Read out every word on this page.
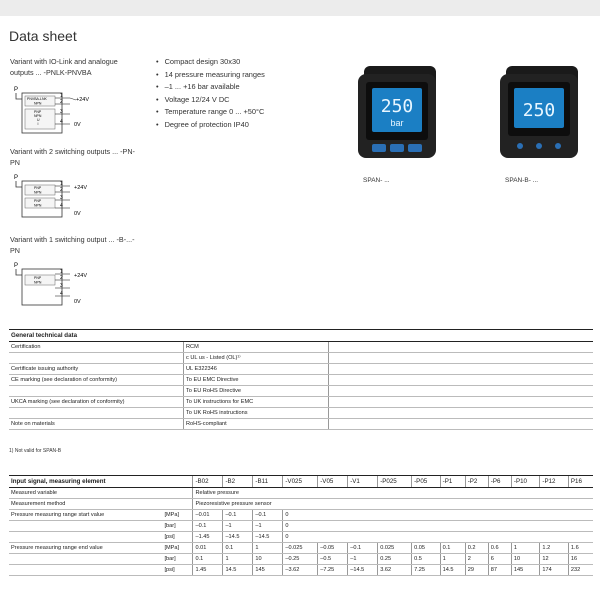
Data sheet
Variant with IO-Link and analogue outputs ... -PNLK-PNVBA
Variant with 2 switching outputs ... -PN-PN
Variant with 1 switching output ... -B-...-PN
P
PNVBA-LNK
NPN
PNP
NPN
U
I
1
2
3
4
+24V
0V
P
PNP
NPN
PNP
NPN
1
2
3
4
+24V
0V
P
PNP
NPN
1
2
3
4
+24V
0V
• Compact design 30x30
• 14 pressure measuring ranges
• –1 ... +16 bar available
• Voltage 12/24 V DC
• Temperature range 0 ... +50°C
• Degree of protection IP40
250
bar
SPAN- ...
250
SPAN-B- ...
General technical data		
Certification	RCM	
	c UL us - Listed (OL)¹⁾	
Certificate issuing authority	UL E322346	
CE marking (see declaration of conformity)	To EU EMC Directive	
	To EU RoHS Directive	
UKCA marking (see declaration of conformity)	To UK instructions for EMC	
	To UK RoHS instructions	
Note on materials	RoHS-compliant	
1) Not valid for SPAN-B
Input signal, measuring element		-B02	-B2	-B11	-V025	-V05	-V1	-P025	-P05	-P1	-P2	-P6	-P10	-P12	P16
Measured variable		Relative pressure													
Measurement method		Piezoresistive pressure sensor													
Pressure measuring range start value	[MPa]	–0.01	–0.1	–0.1	0										
	[bar]	–0.1	–1	–1	0										
	[psi]	–1.45	–14.5	–14.5	0										
Pressure measuring range end value	[MPa]	0.01	0.1	1	–0.025	–0.05	–0.1	0.025	0.05	0.1	0.2	0.6	1	1.2	1.6
	[bar]	0.1	1	10	–0.25	–0.5	–1	0.25	0.5	1	2	6	10	12	16
	[psi]	1.45	14.5	145	–3.62	–7.25	–14.5	3.62	7.25	14.5	29	87	145	174	232
